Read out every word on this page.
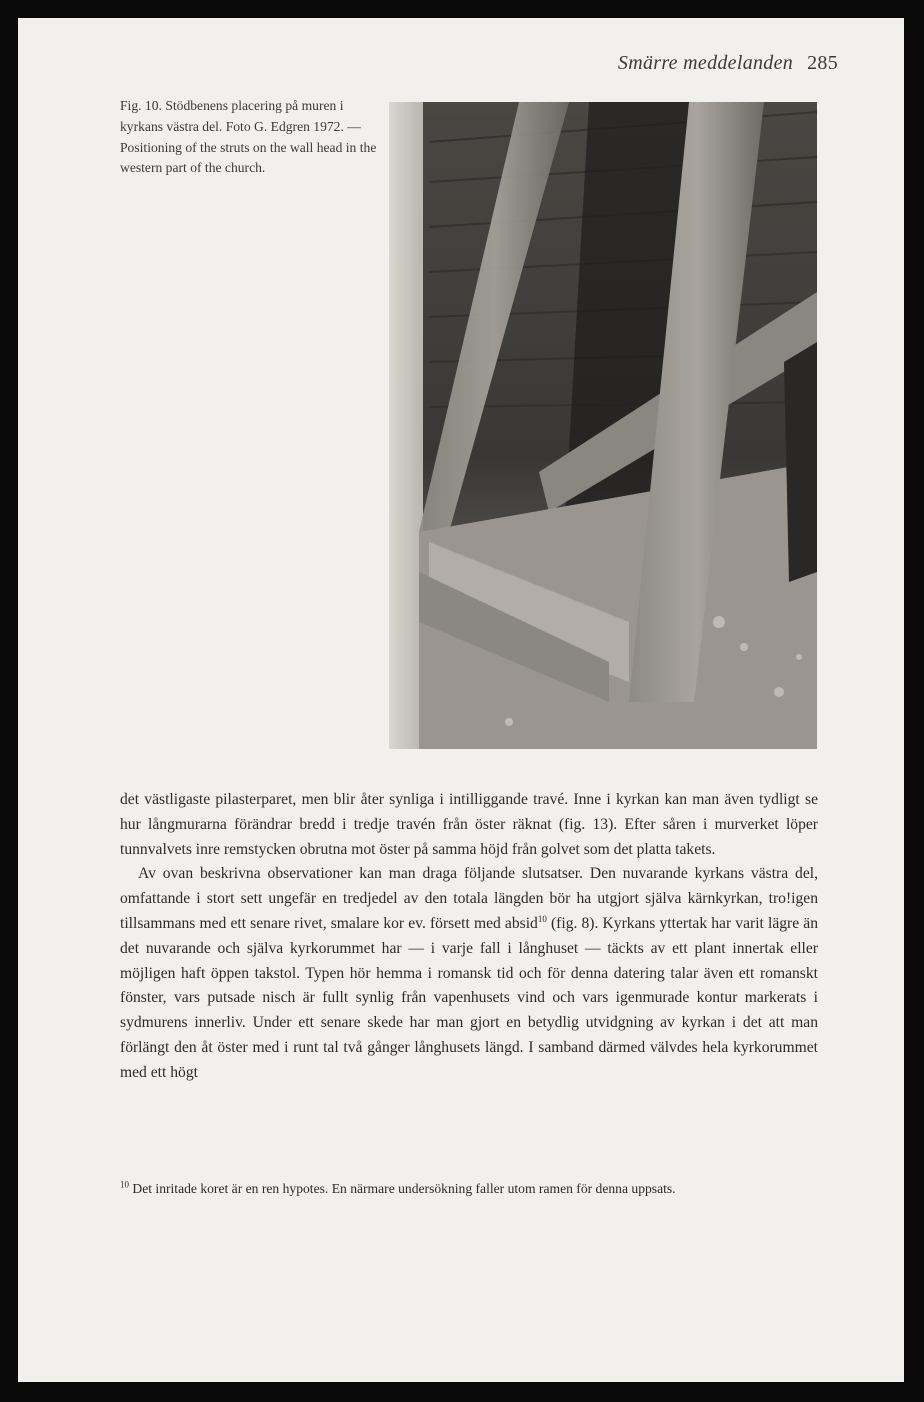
Smärre meddelanden 285
Fig. 10. Stödbenens placering på muren i kyrkans västra del. Foto G. Edgren 1972. — Positioning of the struts on the wall head in the western part of the church.

det västligaste pilasterparet, men blir åter synliga i intilliggande travé. Inne i kyrkan kan man även tydligt se hur långmurarna förändrar bredd i tredje travén från öster räknat (fig. 13). Efter såren i murverket löper tunnvalvets inre remstycken obrutna mot öster på samma höjd från golvet som det platta takets.

Av ovan beskrivna observationer kan man draga följande slutsatser. Den nuvarande kyrkans västra del, omfattande i stort sett ungefär en tredjedel av den totala längden bör ha utgjort själva kärnkyrkan, tro!igen tillsammans med ett senare rivet, smalare kor ev. försett med absid$^{10}$ (fig. 8). Kyrkans yttertak har varit lägre än det nuvarande och själva kyrkorummet har — i varje fall i långhuset — täckts av ett plant innertak eller möjligen haft öppen takstol. Typen hör hemma i romansk tid och för denna datering talar även ett romanskt fönster, vars putsade nisch är fullt synlig från vapenhusets vind och vars igenmurade kontur markerats i sydmurens innerliv. Under ett senare skede har man gjort en betydlig utvidgning av kyrkan i det att man förlängt den åt öster med i runt tal två gånger långhusets längd. I samband därmed välvdes hela kyrkorummet med ett högt

$^{10}$ Det inritade koret är en ren hypotes. En närmare undersökning faller utom ramen för denna uppsats.
